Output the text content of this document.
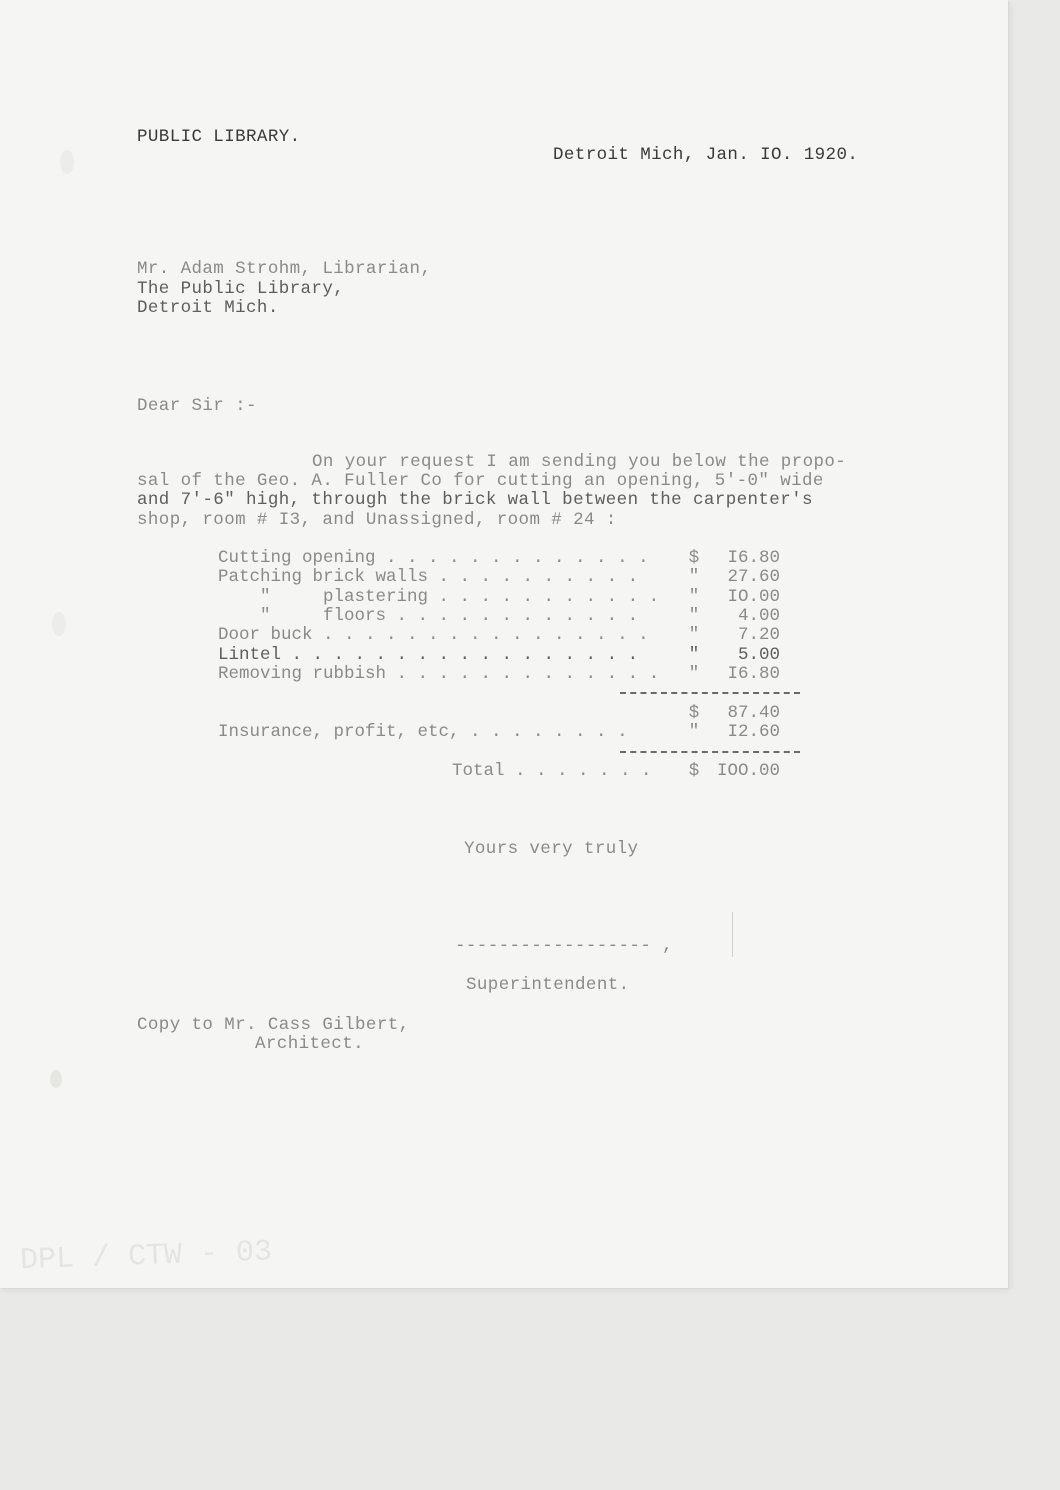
PUBLIC LIBRARY.
Detroit Mich, Jan. IO. 1920.
Mr. Adam Strohm, Librarian,
The Public Library,
Detroit Mich.
Dear Sir :-
On your request I am sending you below the propo-
sal of the Geo. A. Fuller Co for cutting an opening, 5'-0" wide
and 7'-6" high, through the brick wall between the carpenter's
shop, room # I3, and Unassigned, room # 24 :
Cutting opening . . . . . . . . . . . . . $ I6.80
Patching brick walls . . . . . . . . . .	" 27.60
"     plastering . . . . . . . . . . . " IO.00
"     floors . . . . . . . . . . . .	" 4.00
Door buck . . . . . . . . . . . . . . . . " 7.20
Lintel . . . . . . . . . . . . . . . . .	" 5.00
Removing rubbish . . . . . . . . . . . . . " I6.80
$ 87.40
Insurance, profit, etc, . . . . . . . .	" I2.60
Total . . . . . . . $ IOO.00
Yours very truly
------------------ ,
Superintendent.
Copy to Mr. Cass Gilbert,
Architect.
DPL / CTW - 03
